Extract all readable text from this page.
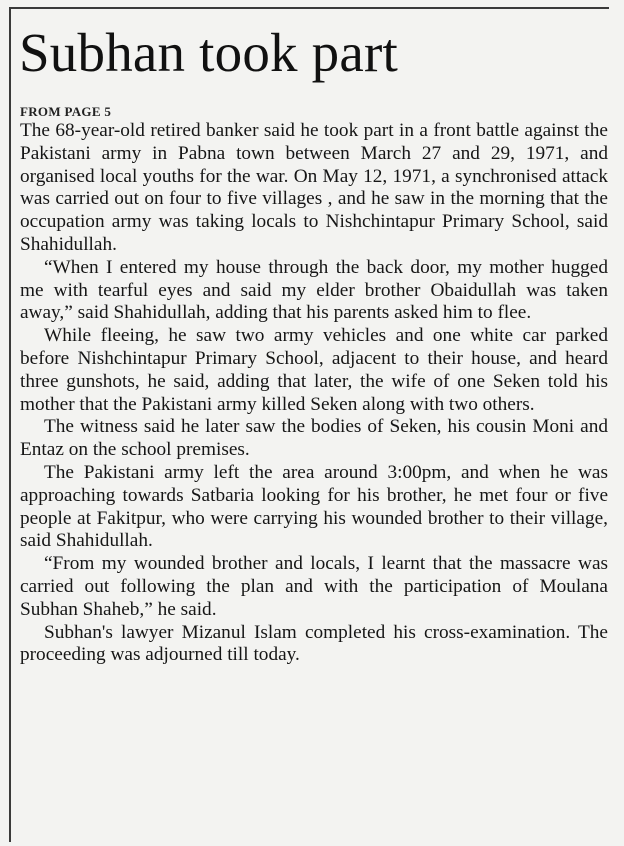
Subhan took part
FROM PAGE 5

The 68-year-old retired banker said he took part in a front battle against the Pakistani army in Pabna town between March 27 and 29, 1971, and organised local youths for the war. On May 12, 1971, a synchronised attack was carried out on four to five villages , and he saw in the morning that the occupation army was taking locals to Nishchintapur Primary School, said Shahidullah.

“When I entered my house through the back door, my mother hugged me with tearful eyes and said my elder brother Obaidullah was taken away,” said Shahidullah, adding that his parents asked him to flee.

While fleeing, he saw two army vehicles and one white car parked before Nishchintapur Primary School, adjacent to their house, and heard three gunshots, he said, adding that later, the wife of one Seken told his mother that the Pakistani army killed Seken along with two others.

The witness said he later saw the bodies of Seken, his cousin Moni and Entaz on the school premises.

The Pakistani army left the area around 3:00pm, and when he was approaching towards Satbaria looking for his brother, he met four or five people at Fakitpur, who were carrying his wounded brother to their village, said Shahidullah.

“From my wounded brother and locals, I learnt that the massacre was carried out following the plan and with the participation of Moulana Subhan Shaheb,” he said.

Subhan's lawyer Mizanul Islam completed his cross-examination. The proceeding was adjourned till today.
